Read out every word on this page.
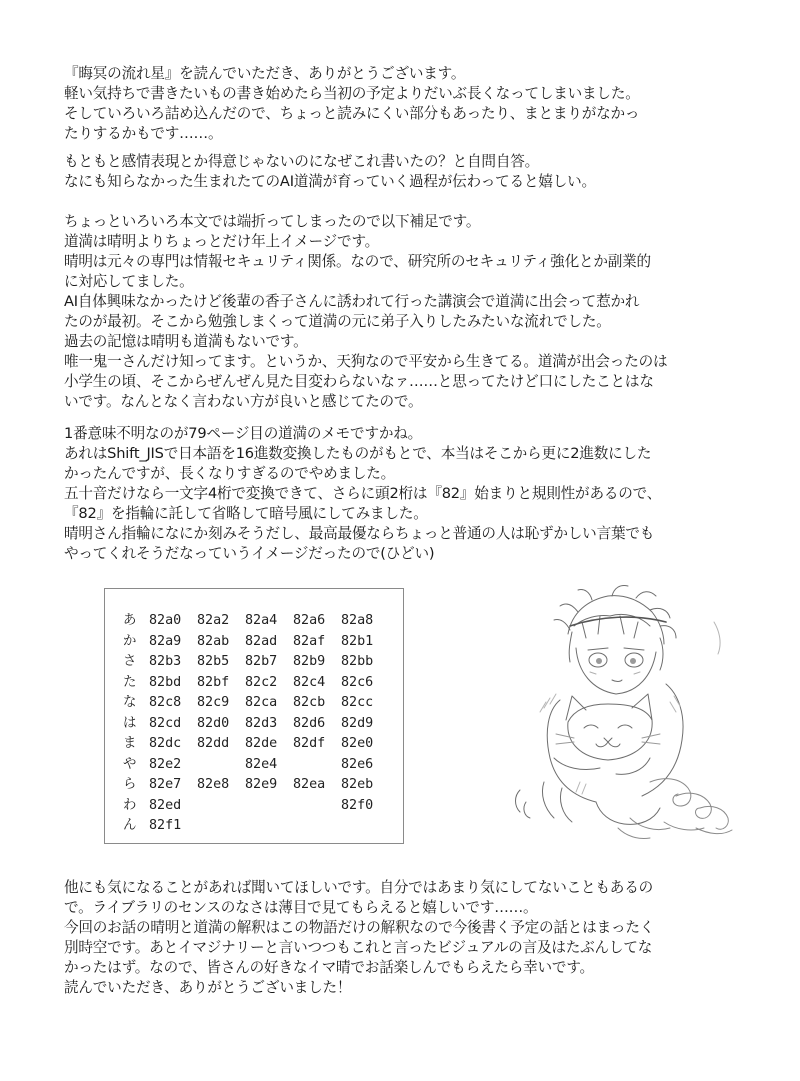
『晦冥の流れ星』を読んでいただき、ありがとうございます。
軽い気持ちで書きたいもの書き始めたら当初の予定よりだいぶ長くなってしまいました。
そしていろいろ詰め込んだので、ちょっと読みにくい部分もあったり、まとまりがなかっ
たりするかもです……。
もともと感情表現とか得意じゃないのになぜこれ書いたの？と自問自答。
なにも知らなかった生まれたてのAI道満が育っていく過程が伝わってると嬉しい。
ちょっといろいろ本文では端折ってしまったので以下補足です。
道満は晴明よりちょっとだけ年上イメージです。
晴明は元々の専門は情報セキュリティ関係。なので、研究所のセキュリティ強化とか副業的
に対応してました。
AI自体興味なかったけど後輩の香子さんに誘われて行った講演会で道満に出会って惹かれ
たのが最初。そこから勉強しまくって道満の元に弟子入りしたみたいな流れでした。
過去の記憶は晴明も道満もないです。
唯一鬼一さんだけ知ってます。というか、天狗なので平安から生きてる。道満が出会ったのは
小学生の頃、そこからぜんぜん見た目変わらないなァ……と思ってたけど口にしたことはな
いです。なんとなく言わない方が良いと感じてたので。
1番意味不明なのが79ページ目の道満のメモですかね。
あれはShift_JISで日本語を16進数変換したものがもとで、本当はそこから更に2進数にした
かったんですが、長くなりすぎるのでやめました。
五十音だけなら一文字4桁で変換できて、さらに頭2桁は『82』始まりと規則性があるので、
『82』を指輪に託して省略して暗号風にしてみました。
晴明さん指輪になにか刻みそうだし、最高最優ならちょっと普通の人は恥ずかしい言葉でも
やってくれそうだなっていうイメージだったので(ひどい)
あ	82a0	82a2	82a4	82a6	82a8
か	82a9	82ab	82ad	82af	82b1
さ	82b3	82b5	82b7	82b9	82bb
た	82bd	82bf	82c2	82c4	82c6
な	82c8	82c9	82ca	82cb	82cc
は	82cd	82d0	82d3	82d6	82d9
ま	82dc	82dd	82de	82df	82e0
や	82e2		82e4		82e6
ら	82e7	82e8	82e9	82ea	82eb
わ	82ed				82f0
ん	82f1				
他にも気になることがあれば聞いてほしいです。自分ではあまり気にしてないこともあるの
で。ライブラリのセンスのなさは薄目で見てもらえると嬉しいです……。
今回のお話の晴明と道満の解釈はこの物語だけの解釈なので今後書く予定の話とはまったく
別時空です。あとイマジナリーと言いつつもこれと言ったビジュアルの言及はたぶんしてな
かったはず。なので、皆さんの好きなイマ晴でお話楽しんでもらえたら幸いです。
読んでいただき、ありがとうございました！
